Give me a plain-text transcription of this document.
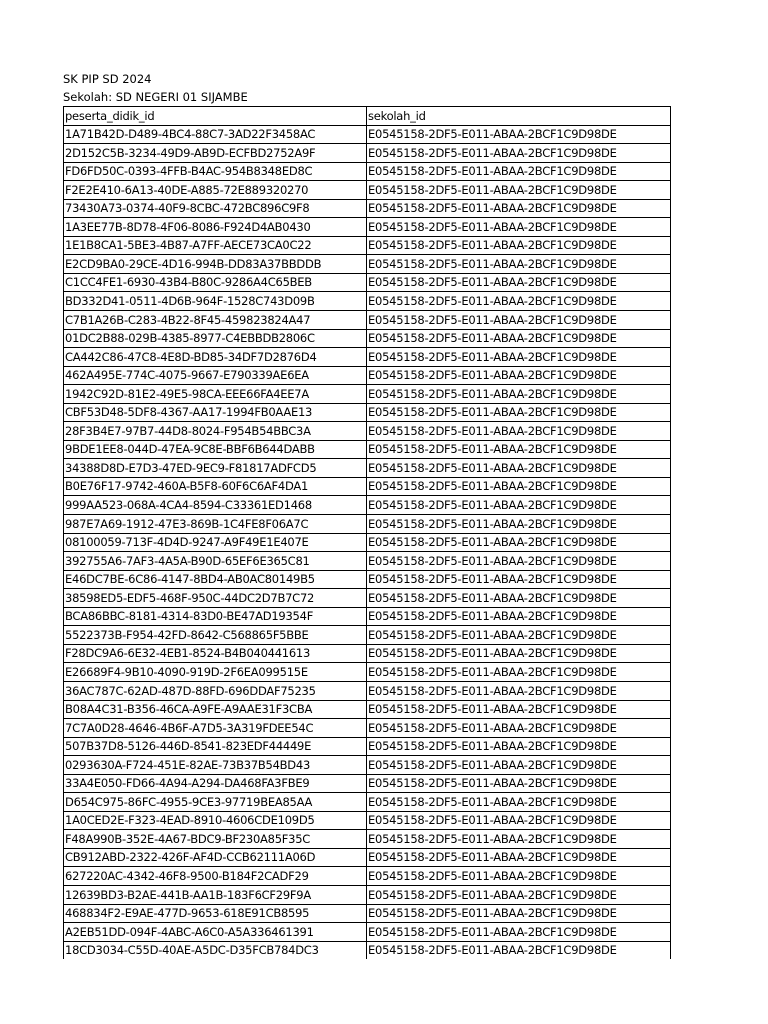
SK PIP SD 2024
Sekolah: SD NEGERI 01 SIJAMBE
peserta_didik_id	sekolah_id
1A71B42D-D489-4BC4-88C7-3AD22F3458AC	E0545158-2DF5-E011-ABAA-2BCF1C9D98DE
2D152C5B-3234-49D9-AB9D-ECFBD2752A9F	E0545158-2DF5-E011-ABAA-2BCF1C9D98DE
FD6FD50C-0393-4FFB-B4AC-954B8348ED8C	E0545158-2DF5-E011-ABAA-2BCF1C9D98DE
F2E2E410-6A13-40DE-A885-72E889320270	E0545158-2DF5-E011-ABAA-2BCF1C9D98DE
73430A73-0374-40F9-8CBC-472BC896C9F8	E0545158-2DF5-E011-ABAA-2BCF1C9D98DE
1A3EE77B-8D78-4F06-8086-F924D4AB0430	E0545158-2DF5-E011-ABAA-2BCF1C9D98DE
1E1B8CA1-5BE3-4B87-A7FF-AECE73CA0C22	E0545158-2DF5-E011-ABAA-2BCF1C9D98DE
E2CD9BA0-29CE-4D16-994B-DD83A37BBDDB	E0545158-2DF5-E011-ABAA-2BCF1C9D98DE
C1CC4FE1-6930-43B4-B80C-9286A4C65BEB	E0545158-2DF5-E011-ABAA-2BCF1C9D98DE
BD332D41-0511-4D6B-964F-1528C743D09B	E0545158-2DF5-E011-ABAA-2BCF1C9D98DE
C7B1A26B-C283-4B22-8F45-459823824A47	E0545158-2DF5-E011-ABAA-2BCF1C9D98DE
01DC2B88-029B-4385-8977-C4EBBDB2806C	E0545158-2DF5-E011-ABAA-2BCF1C9D98DE
CA442C86-47C8-4E8D-BD85-34DF7D2876D4	E0545158-2DF5-E011-ABAA-2BCF1C9D98DE
462A495E-774C-4075-9667-E790339AE6EA	E0545158-2DF5-E011-ABAA-2BCF1C9D98DE
1942C92D-81E2-49E5-98CA-EEE66FA4EE7A	E0545158-2DF5-E011-ABAA-2BCF1C9D98DE
CBF53D48-5DF8-4367-AA17-1994FB0AAE13	E0545158-2DF5-E011-ABAA-2BCF1C9D98DE
28F3B4E7-97B7-44D8-8024-F954B54BBC3A	E0545158-2DF5-E011-ABAA-2BCF1C9D98DE
9BDE1EE8-044D-47EA-9C8E-BBF6B644DABB	E0545158-2DF5-E011-ABAA-2BCF1C9D98DE
34388D8D-E7D3-47ED-9EC9-F81817ADFCD5	E0545158-2DF5-E011-ABAA-2BCF1C9D98DE
B0E76F17-9742-460A-B5F8-60F6C6AF4DA1	E0545158-2DF5-E011-ABAA-2BCF1C9D98DE
999AA523-068A-4CA4-8594-C33361ED1468	E0545158-2DF5-E011-ABAA-2BCF1C9D98DE
987E7A69-1912-47E3-869B-1C4FE8F06A7C	E0545158-2DF5-E011-ABAA-2BCF1C9D98DE
08100059-713F-4D4D-9247-A9F49E1E407E	E0545158-2DF5-E011-ABAA-2BCF1C9D98DE
392755A6-7AF3-4A5A-B90D-65EF6E365C81	E0545158-2DF5-E011-ABAA-2BCF1C9D98DE
E46DC7BE-6C86-4147-8BD4-AB0AC80149B5	E0545158-2DF5-E011-ABAA-2BCF1C9D98DE
38598ED5-EDF5-468F-950C-44DC2D7B7C72	E0545158-2DF5-E011-ABAA-2BCF1C9D98DE
BCA86BBC-8181-4314-83D0-BE47AD19354F	E0545158-2DF5-E011-ABAA-2BCF1C9D98DE
5522373B-F954-42FD-8642-C568865F5BBE	E0545158-2DF5-E011-ABAA-2BCF1C9D98DE
F28DC9A6-6E32-4EB1-8524-B4B040441613	E0545158-2DF5-E011-ABAA-2BCF1C9D98DE
E26689F4-9B10-4090-919D-2F6EA099515E	E0545158-2DF5-E011-ABAA-2BCF1C9D98DE
36AC787C-62AD-487D-88FD-696DDAF75235	E0545158-2DF5-E011-ABAA-2BCF1C9D98DE
B08A4C31-B356-46CA-A9FE-A9AAE31F3CBA	E0545158-2DF5-E011-ABAA-2BCF1C9D98DE
7C7A0D28-4646-4B6F-A7D5-3A319FDEE54C	E0545158-2DF5-E011-ABAA-2BCF1C9D98DE
507B37D8-5126-446D-8541-823EDF44449E	E0545158-2DF5-E011-ABAA-2BCF1C9D98DE
0293630A-F724-451E-82AE-73B37B54BD43	E0545158-2DF5-E011-ABAA-2BCF1C9D98DE
33A4E050-FD66-4A94-A294-DA468FA3FBE9	E0545158-2DF5-E011-ABAA-2BCF1C9D98DE
D654C975-86FC-4955-9CE3-97719BEA85AA	E0545158-2DF5-E011-ABAA-2BCF1C9D98DE
1A0CED2E-F323-4EAD-8910-4606CDE109D5	E0545158-2DF5-E011-ABAA-2BCF1C9D98DE
F48A990B-352E-4A67-BDC9-BF230A85F35C	E0545158-2DF5-E011-ABAA-2BCF1C9D98DE
CB912ABD-2322-426F-AF4D-CCB62111A06D	E0545158-2DF5-E011-ABAA-2BCF1C9D98DE
627220AC-4342-46F8-9500-B184F2CADF29	E0545158-2DF5-E011-ABAA-2BCF1C9D98DE
12639BD3-B2AE-441B-AA1B-183F6CF29F9A	E0545158-2DF5-E011-ABAA-2BCF1C9D98DE
468834F2-E9AE-477D-9653-618E91CB8595	E0545158-2DF5-E011-ABAA-2BCF1C9D98DE
A2EB51DD-094F-4ABC-A6C0-A5A336461391	E0545158-2DF5-E011-ABAA-2BCF1C9D98DE
18CD3034-C55D-40AE-A5DC-D35FCB784DC3	E0545158-2DF5-E011-ABAA-2BCF1C9D98DE
